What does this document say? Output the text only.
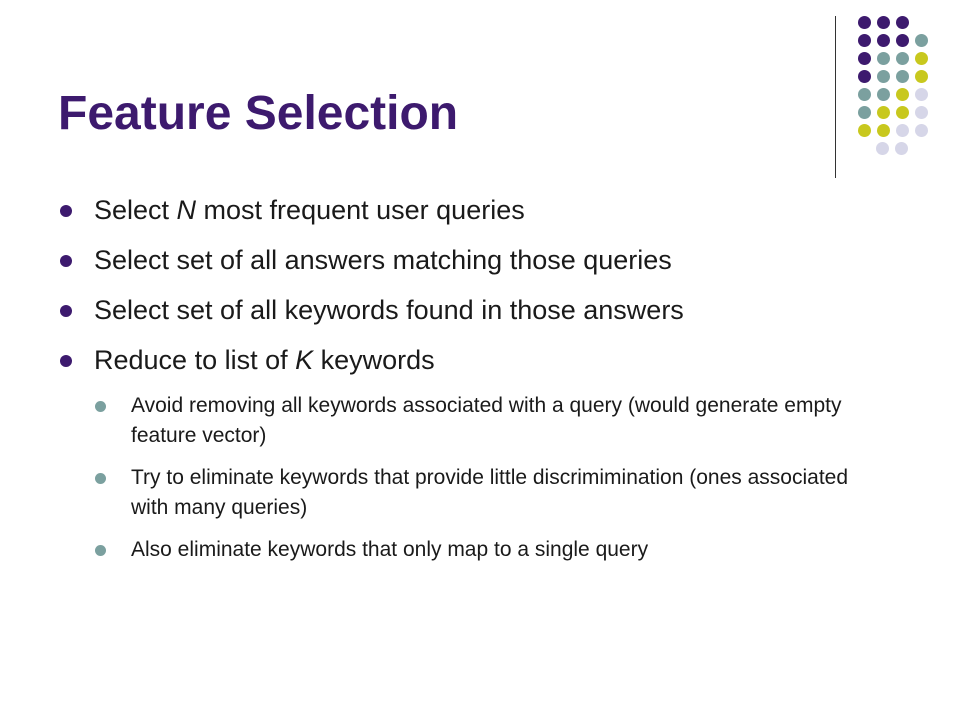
Feature Selection
Select N most frequent user queries
Select set of all answers matching those queries
Select set of all keywords found in those answers
Reduce to list of K keywords
Avoid removing all keywords associated with a query (would generate empty feature vector)
Try to eliminate keywords that provide little discrimimination (ones associated with many queries)
Also eliminate keywords that only map to a single query
